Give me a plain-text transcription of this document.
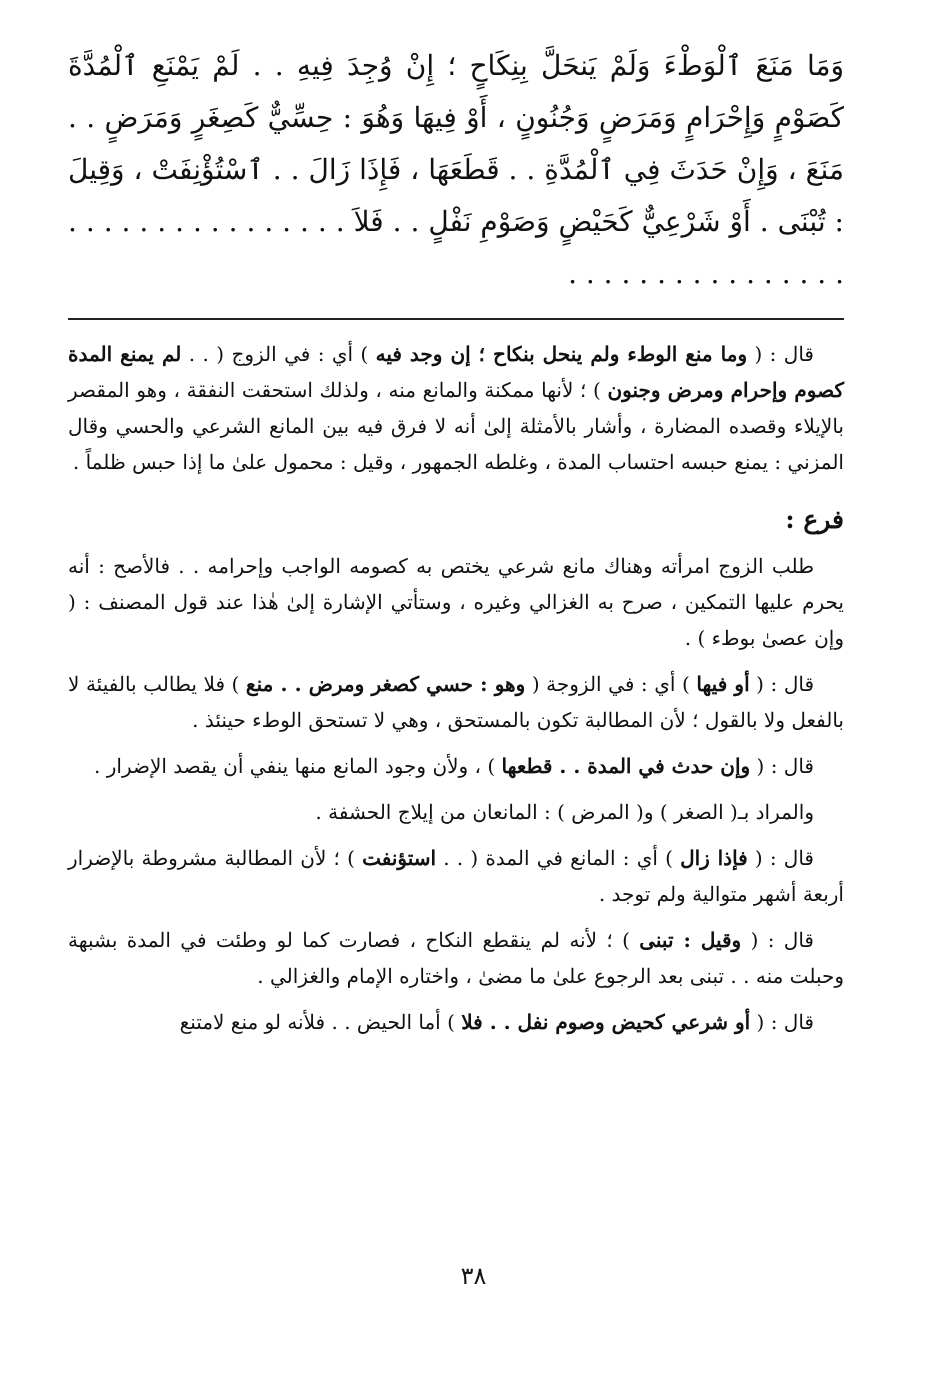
وَمَا مَنَعَ ٱلْوَطْءَ وَلَمْ يَنحَلَّ بِنِكَاحٍ ؛ إِنْ وُجِدَ فِيهِ . . لَمْ يَمْنَعِ ٱلْمُدَّةَ كَصَوْمٍ وَإِحْرَامٍ وَمَرَضٍ وَجُنُونٍ ، أَوْ فِيهَا وَهُوَ : حِسِّيٌّ كَصِغَرٍ وَمَرَضٍ . . مَنَعَ ، وَإِنْ حَدَثَ فِي ٱلْمُدَّةِ . . قَطَعَهَا ، فَإِذَا زَالَ . . ٱسْتُؤْنِفَتْ ، وَقِيلَ : تُبْنَى . أَوْ شَرْعِيٌّ كَحَيْضٍ وَصَوْمِ نَفْلٍ . . فَلاَ . . . . . . . . . . . . . . . . . . . . . . . . . . . . . . . .

قال : ( وما منع الوطء ولم ينحل بنكاح ؛ إن وجد فيه ) أي : في الزوج ( . . لم يمنع المدة كصوم وإحرام ومرض وجنون ) ؛ لأنها ممكنة والمانع منه ، ولذلك استحقت النفقة ، وهو المقصر بالإيلاء وقصده المضارة ، وأشار بالأمثلة إلىٰ أنه لا فرق فيه بين المانع الشرعي والحسي وقال المزني : يمنع حبسه احتساب المدة ، وغلطه الجمهور ، وقيل : محمول علىٰ ما إذا حبس ظلماً .

فرع :

طلب الزوج امرأته وهناك مانع شرعي يختص به كصومه الواجب وإحرامه . . فالأصح : أنه يحرم عليها التمكين ، صرح به الغزالي وغيره ، وستأتي الإشارة إلىٰ هٰذا عند قول المصنف : ( وإن عصىٰ بوطء ) .

قال : ( أو فيها ) أي : في الزوجة ( وهو : حسي كصغر ومرض . . منع ) فلا يطالب بالفيئة لا بالفعل ولا بالقول ؛ لأن المطالبة تكون بالمستحق ، وهي لا تستحق الوطء حينئذ .

قال : ( وإن حدث في المدة . . قطعها ) ، ولأن وجود المانع منها ينفي أن يقصد الإضرار .

والمراد بـ( الصغر ) و( المرض ) : المانعان من إيلاج الحشفة .

قال : ( فإذا زال ) أي : المانع في المدة ( . . استؤنفت ) ؛ لأن المطالبة مشروطة بالإضرار أربعة أشهر متوالية ولم توجد .

قال : ( وقيل : تبنى ) ؛ لأنه لم ينقطع النكاح ، فصارت كما لو وطئت في المدة بشبهة وحبلت منه . . تبنى بعد الرجوع علىٰ ما مضىٰ ، واختاره الإمام والغزالي .

قال : ( أو شرعي كحيض وصوم نفل . . فلا ) أما الحيض . . فلأنه لو منع لامتنع

٣٨
